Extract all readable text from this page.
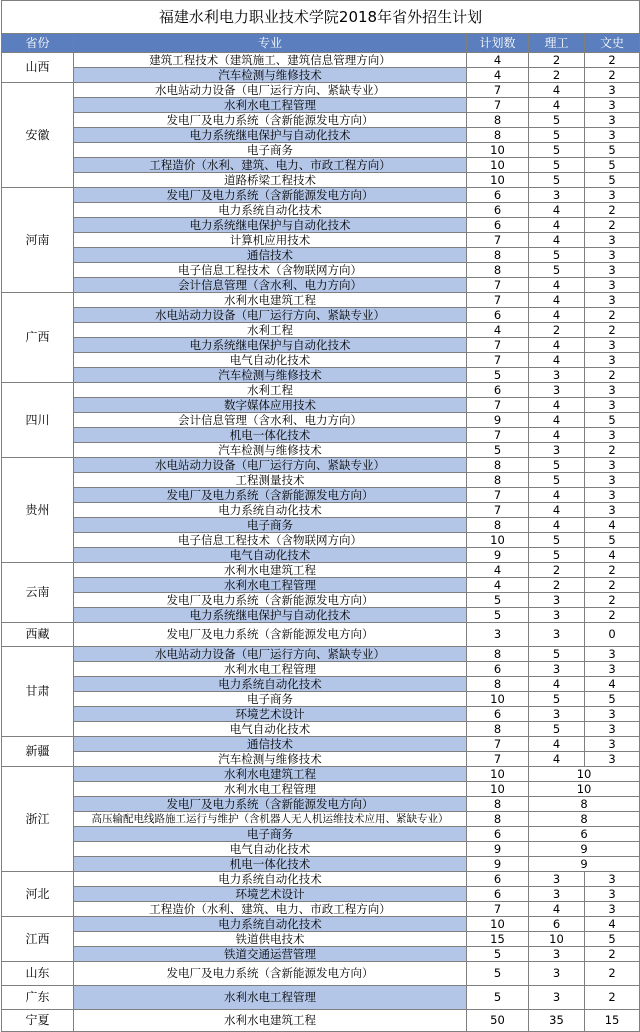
福建水利电力职业技术学院2018年省外招生计划				
省份	专业	计划数	理工	文史
山西	建筑工程技术（建筑施工、建筑信息管理方向）	4	2	2
	汽车检测与维修技术	4	2	2
安徽	水电站动力设备（电厂运行方向、紧缺专业）	7	4	3
	水利水电工程管理	7	4	3
	发电厂及电力系统（含新能源发电方向）	8	5	3
	电力系统继电保护与自动化技术	8	5	3
	电子商务	10	5	5
	工程造价（水利、建筑、电力、市政工程方向）	10	5	5
	道路桥梁工程技术	10	5	5
河南	发电厂及电力系统（含新能源发电方向）	6	3	3
	电力系统自动化技术	6	4	2
	电力系统继电保护与自动化技术	6	4	2
	计算机应用技术	7	4	3
	通信技术	8	5	3
	电子信息工程技术（含物联网方向）	8	5	3
	会计信息管理（含水利、电力方向）	7	4	3
广西	水利水电建筑工程	7	4	3
	水电站动力设备（电厂运行方向、紧缺专业）	6	4	2
	水利工程	4	2	2
	电力系统继电保护与自动化技术	7	4	3
	电气自动化技术	7	4	3
	汽车检测与维修技术	5	3	2
四川	水利工程	6	3	3
	数字媒体应用技术	7	4	3
	会计信息管理（含水利、电力方向）	9	4	5
	机电一体化技术	7	4	3
	汽车检测与维修技术	5	3	2
贵州	水电站动力设备（电厂运行方向、紧缺专业）	8	5	3
	工程测量技术	8	5	3
	发电厂及电力系统（含新能源发电方向）	7	4	3
	电力系统自动化技术	7	4	3
	电子商务	8	4	4
	电子信息工程技术（含物联网方向）	10	5	5
	电气自动化技术	9	5	4
云南	水利水电建筑工程	4	2	2
	水利水电工程管理	4	2	2
	发电厂及电力系统（含新能源发电方向）	5	3	2
	电力系统继电保护与自动化技术	5	3	2
西藏	发电厂及电力系统（含新能源发电方向）	3	3	0
甘肃	水电站动力设备（电厂运行方向、紧缺专业）	8	5	3
	水利水电工程管理	6	3	3
	电力系统自动化技术	8	4	4
	电子商务	10	5	5
	环境艺术设计	6	3	3
	电气自动化技术	8	5	3
新疆	通信技术	7	4	3
	汽车检测与维修技术	7	4	3
浙江	水利水电建筑工程	10	10	
	水利水电工程管理	10	10	
	发电厂及电力系统（含新能源发电方向）	8	8	
	高压输配电线路施工运行与维护（含机器人无人机运维技术应用、紧缺专业）	8	8	
	电子商务	6	6	
	电气自动化技术	9	9	
	机电一体化技术	9	9	
河北	电力系统自动化技术	6	3	3
	环境艺术设计	6	3	3
	工程造价（水利、建筑、电力、市政工程方向）	7	4	3
江西	电力系统自动化技术	10	6	4
	铁道供电技术	15	10	5
	铁道交通运营管理	5	3	2
山东	发电厂及电力系统（含新能源发电方向）	5	3	2
广东	水利水电工程管理	5	3	2
宁夏	水利水电建筑工程	50	35	15
